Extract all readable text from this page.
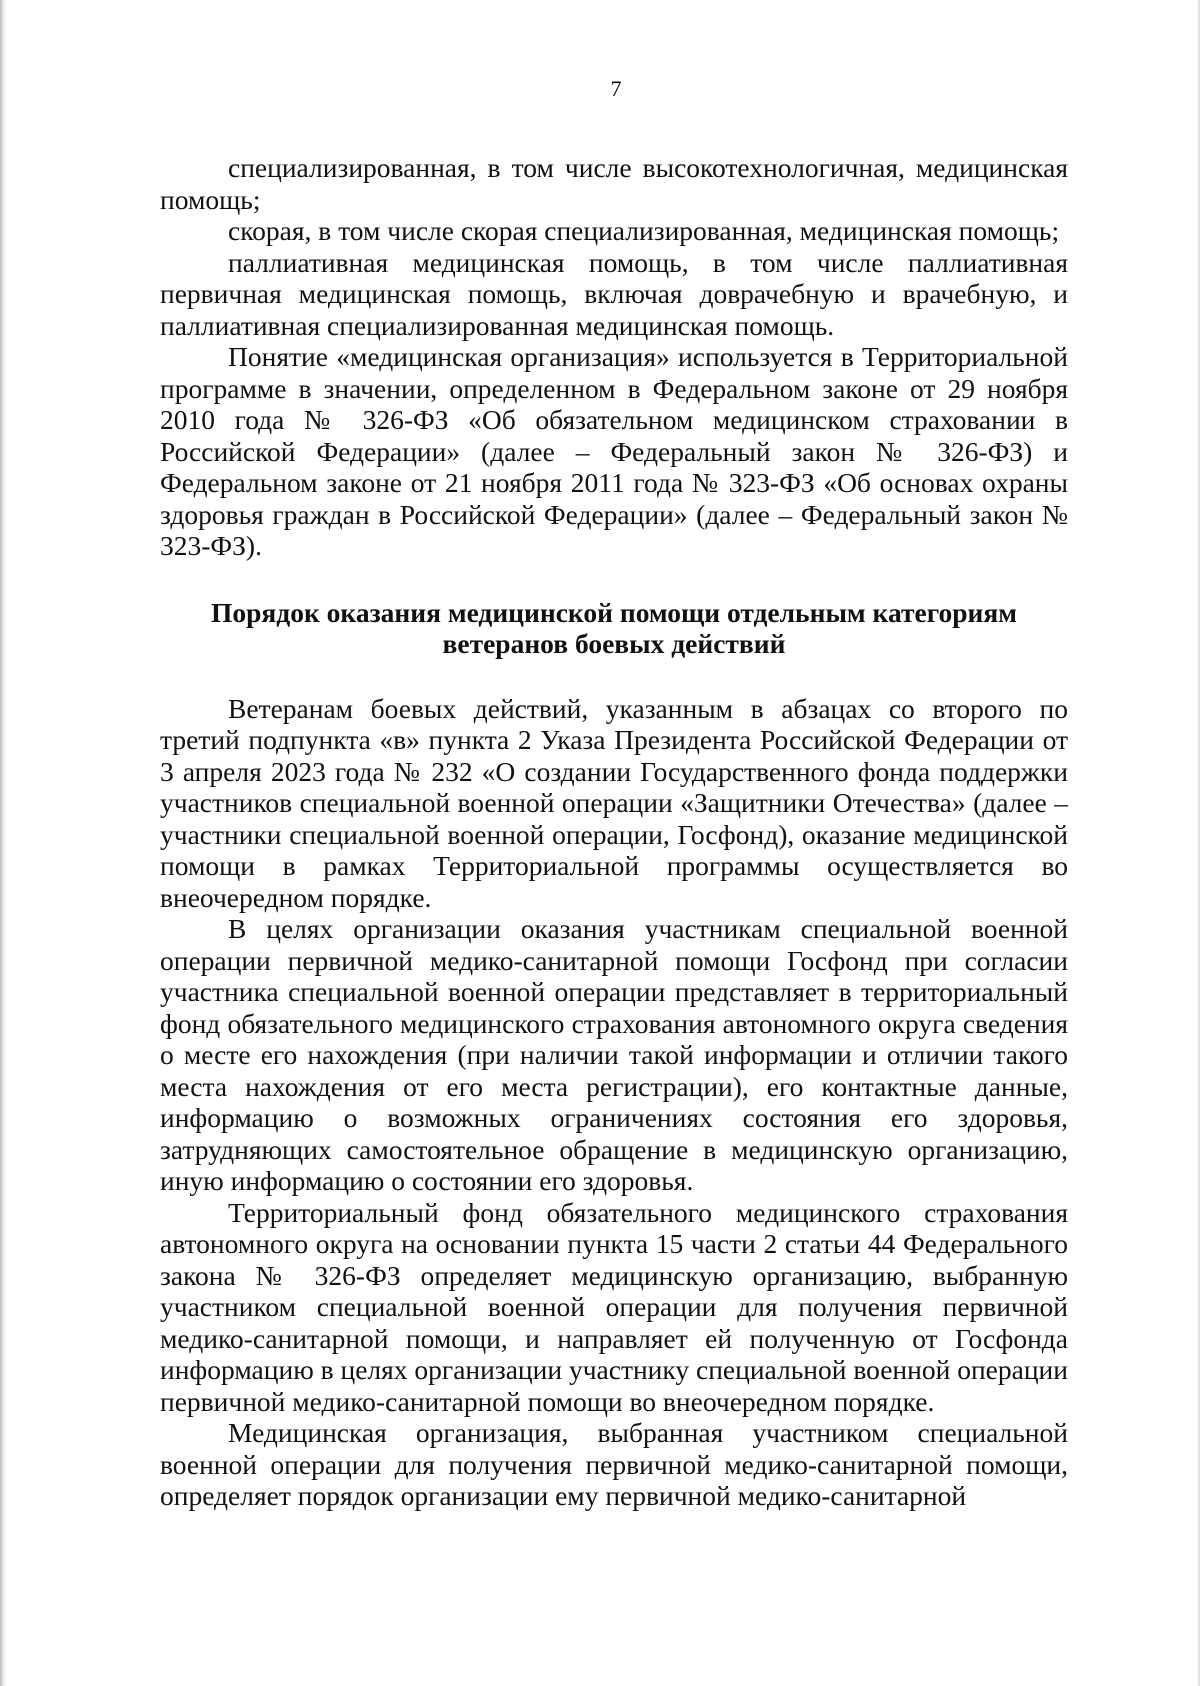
7

специализированная, в том числе высокотехнологичная, медицинская помощь;

скорая, в том числе скорая специализированная, медицинская помощь;

паллиативная медицинская помощь, в том числе паллиативная первичная медицинская помощь, включая доврачебную и врачебную, и паллиативная специализированная медицинская помощь.

Понятие «медицинская организация» используется в Территориальной программе в значении, определенном в Федеральном законе от 29 ноября 2010 года № 326-ФЗ «Об обязательном медицинском страховании в Российской Федерации» (далее – Федеральный закон № 326-ФЗ) и Федеральном законе от 21 ноября 2011 года № 323-ФЗ «Об основах охраны здоровья граждан в Российской Федерации» (далее – Федеральный закон № 323-ФЗ).

Порядок оказания медицинской помощи отдельным категориям ветеранов боевых действий

Ветеранам боевых действий, указанным в абзацах со второго по третий подпункта «в» пункта 2 Указа Президента Российской Федерации от 3 апреля 2023 года № 232 «О создании Государственного фонда поддержки участников специальной военной операции «Защитники Отечества» (далее – участники специальной военной операции, Госфонд), оказание медицинской помощи в рамках Территориальной программы осуществляется во внеочередном порядке.

В целях организации оказания участникам специальной военной операции первичной медико-санитарной помощи Госфонд при согласии участника специальной военной операции представляет в территориальный фонд обязательного медицинского страхования автономного округа сведения о месте его нахождения (при наличии такой информации и отличии такого места нахождения от его места регистрации), его контактные данные, информацию о возможных ограничениях состояния его здоровья, затрудняющих самостоятельное обращение в медицинскую организацию, иную информацию о состоянии его здоровья.

Территориальный фонд обязательного медицинского страхования автономного округа на основании пункта 15 части 2 статьи 44 Федерального закона № 326-ФЗ определяет медицинскую организацию, выбранную участником специальной военной операции для получения первичной медико-санитарной помощи, и направляет ей полученную от Госфонда информацию в целях организации участнику специальной военной операции первичной медико-санитарной помощи во внеочередном порядке.

Медицинская организация, выбранная участником специальной военной операции для получения первичной медико-санитарной помощи, определяет порядок организации ему первичной медико-санитарной
